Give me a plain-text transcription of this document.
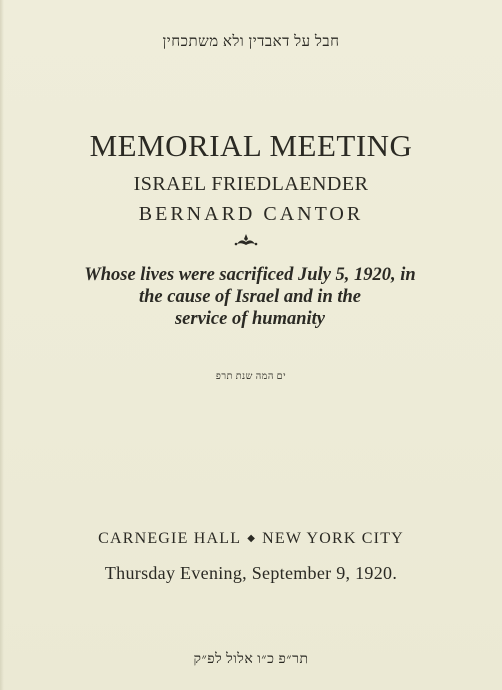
חבל על דאבדין ולא משתכחין
MEMORIAL MEETING
ISRAEL FRIEDLAENDER
BERNARD CANTOR
Whose lives were sacrificed July 5, 1920, in
the cause of Israel and in the
service of humanity
ים המה שנת תרפ
CARNEGIE HALL ◆ NEW YORK CITY
Thursday Evening, September 9, 1920.
תר״פ כ״ו אלול לפ״ק
